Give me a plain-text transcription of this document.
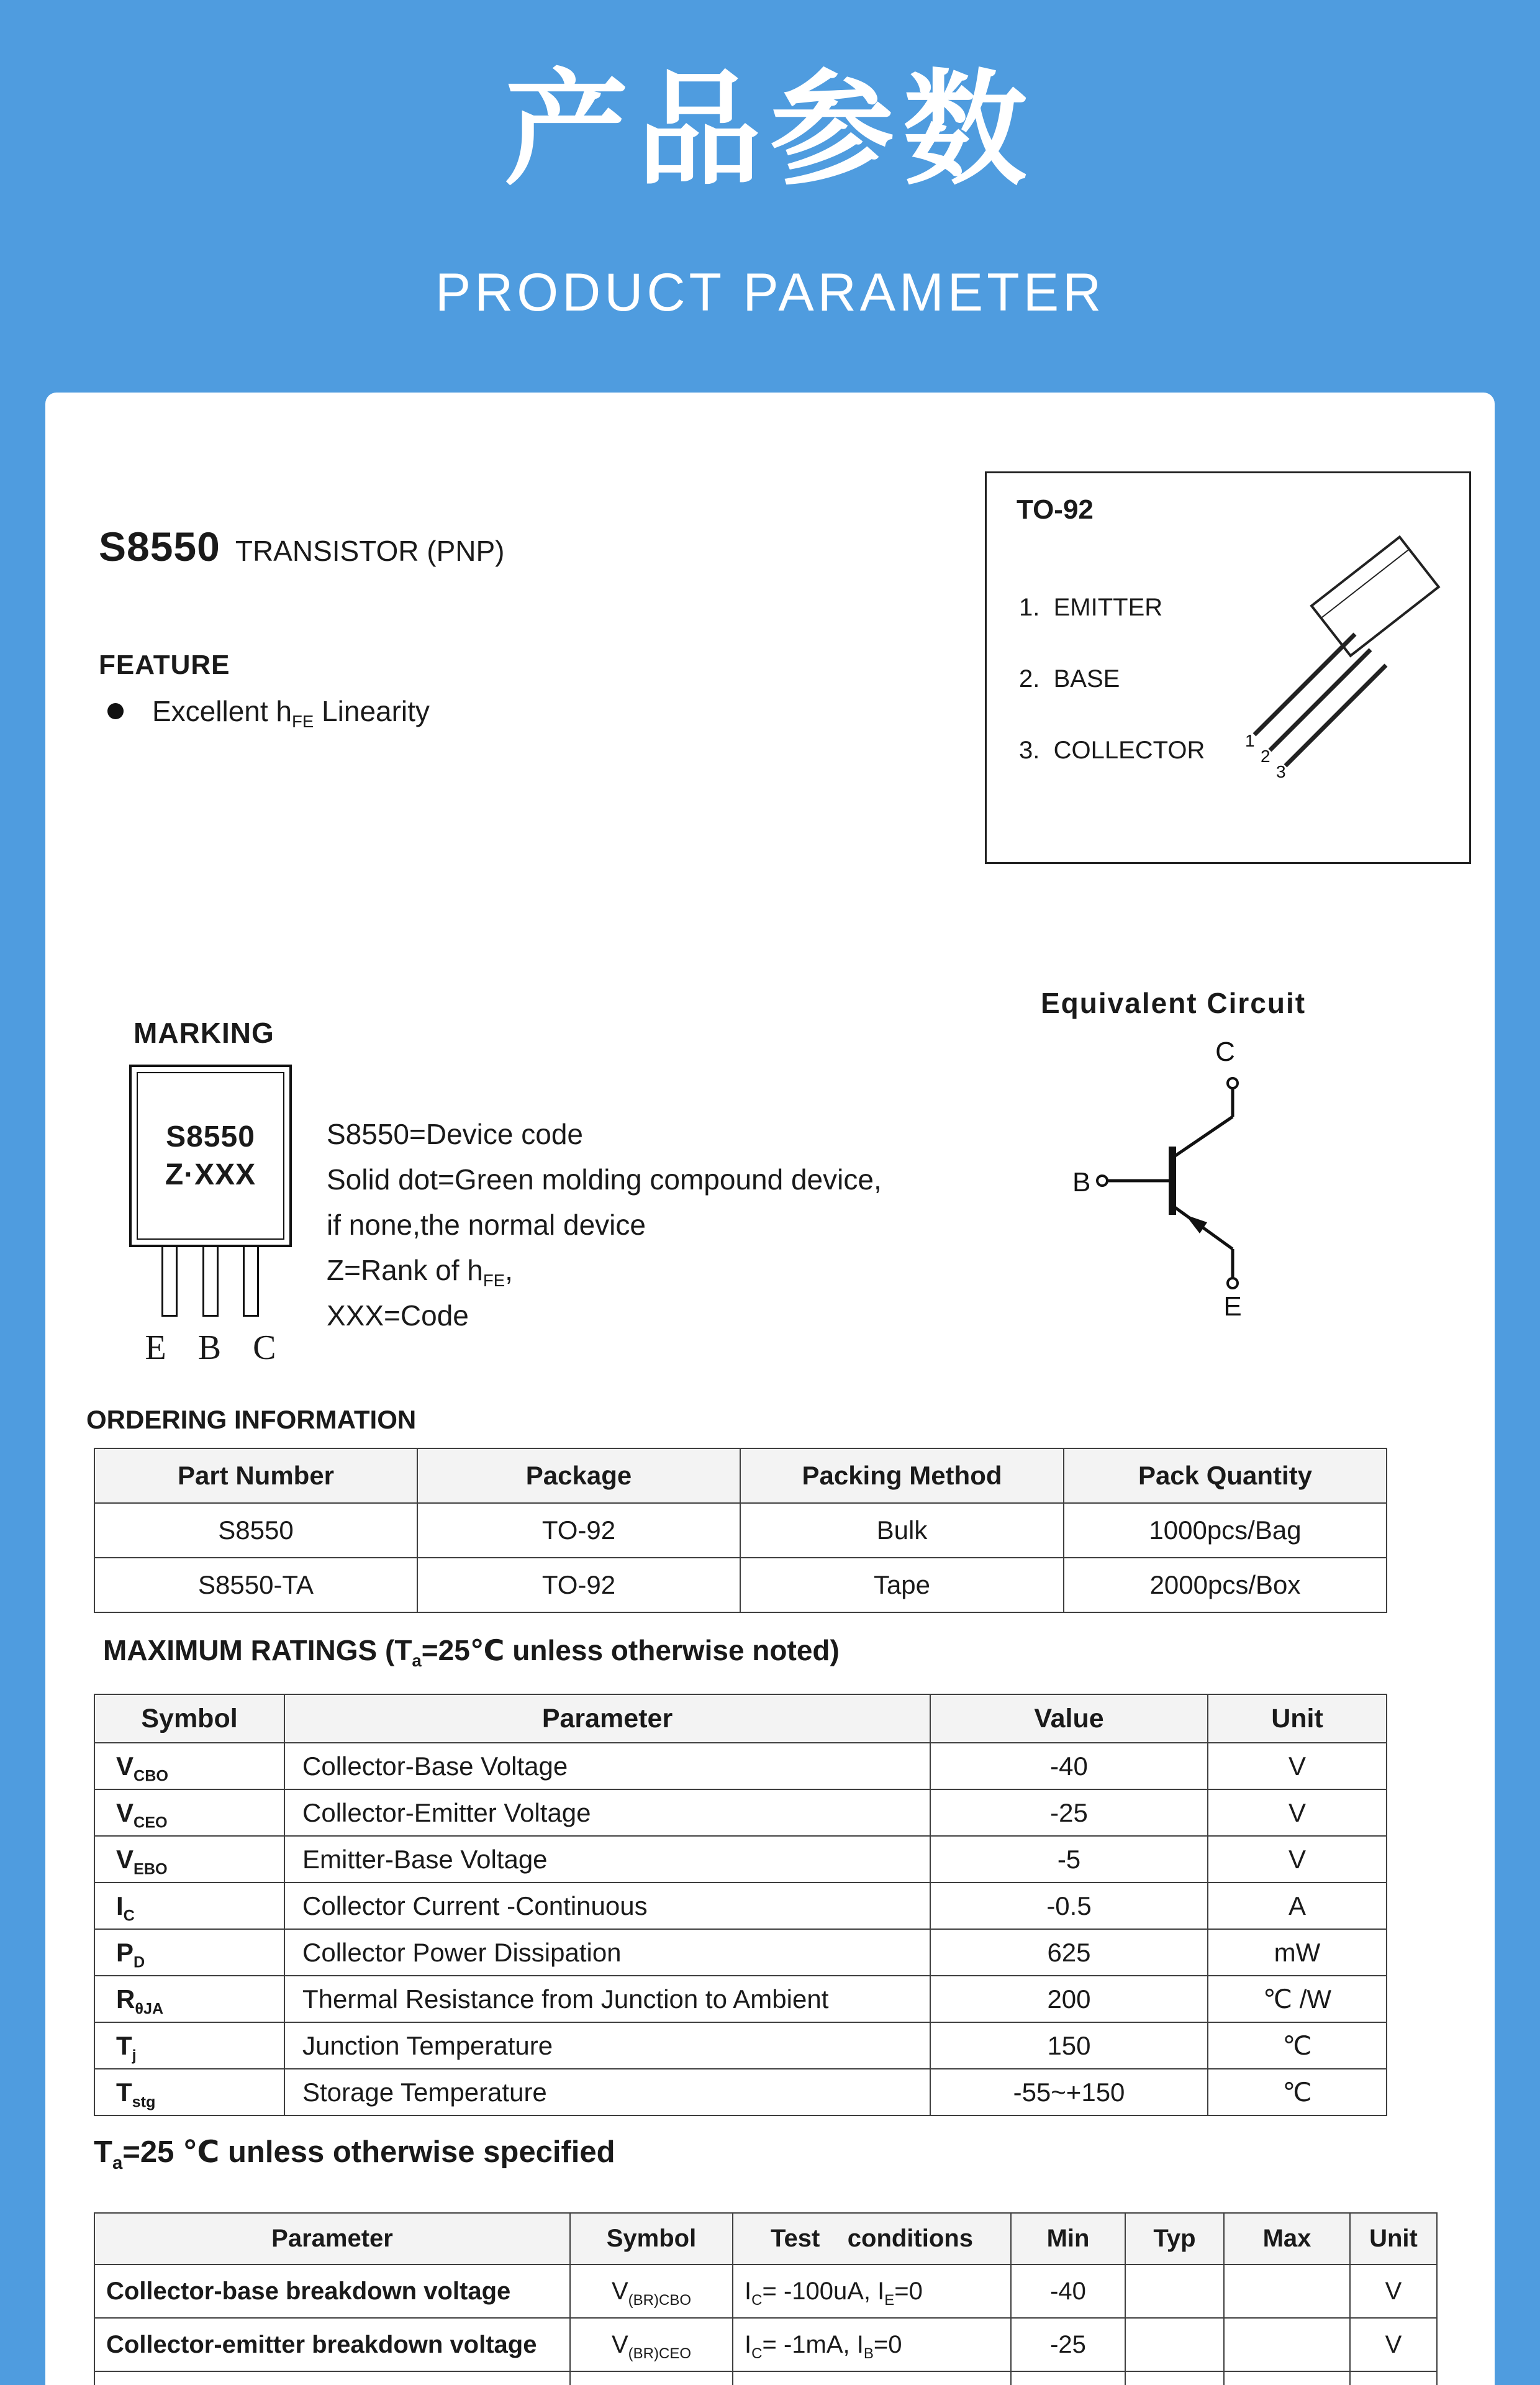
产品参数
PRODUCT PARAMETER
S8550 TRANSISTOR (PNP)
FEATURE
Excellent $h_{FE}$ Linearity
TO-92
1.  EMITTER
2.  BASE
3.  COLLECTOR 1
2
3
MARKING
S8550
Z·XXX
E B C
S8550=Device code
Solid dot=Green molding compound device,
if none,the normal device
Z=Rank of $h_{FE}$,
XXX=Code
Equivalent Circuit
C
B
E
ORDERING INFORMATION
Part Number	Package	Packing Method	Pack Quantity
S8550	TO-92	Bulk	1000pcs/Bag
S8550-TA	TO-92	Tape	2000pcs/Box
MAXIMUM RATINGS ($T_a=25℃$ unless otherwise noted)
Symbol	Parameter	Value	Unit
$V_{CBO}$	Collector-Base Voltage	-40	V
$V_{CEO}$	Collector-Emitter Voltage	-25	V
$V_{EBO}$	Emitter-Base Voltage	-5	V
$I_C$	Collector Current -Continuous	-0.5	A
$P_D$	Collector Power Dissipation	625	mW
$R_{\theta JA}$	Thermal Resistance from Junction to Ambient	200	℃ /W
$T_j$	Junction Temperature	150	℃
$T_{stg}$	Storage Temperature	-55~+150	℃
$T_a=25$ ℃ unless otherwise specified
Parameter	Symbol	Test    conditions	Min	Typ	Max	Unit
Collector-base breakdown voltage	$V_{(BR)CBO}$	$I_C= -100uA$, $I_E=0$	-40			V
Collector-emitter breakdown voltage	$V_{(BR)CEO}$	$I_C= -1mA$, $I_B=0$	-25			V
